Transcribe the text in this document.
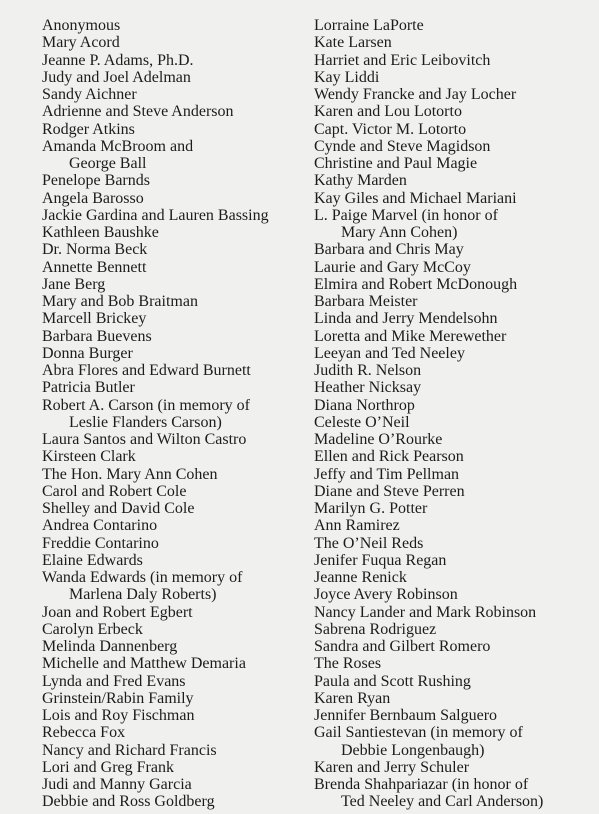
Anonymous
Mary Acord
Jeanne P. Adams, Ph.D.
Judy and Joel Adelman
Sandy Aichner
Adrienne and Steve Anderson
Rodger Atkins
Amanda McBroom and
George Ball
Penelope Barnds
Angela Barosso
Jackie Gardina and Lauren Bassing
Kathleen Baushke
Dr. Norma Beck
Annette Bennett
Jane Berg
Mary and Bob Braitman
Marcell Brickey
Barbara Buevens
Donna Burger
Abra Flores and Edward Burnett
Patricia Butler
Robert A. Carson (in memory of
Leslie Flanders Carson)
Laura Santos and Wilton Castro
Kirsteen Clark
The Hon. Mary Ann Cohen
Carol and Robert Cole
Shelley and David Cole
Andrea Contarino
Freddie Contarino
Elaine Edwards
Wanda Edwards (in memory of
Marlena Daly Roberts)
Joan and Robert Egbert
Carolyn Erbeck
Melinda Dannenberg
Michelle and Matthew Demaria
Lynda and Fred Evans
Grinstein/Rabin Family
Lois and Roy Fischman
Rebecca Fox
Nancy and Richard Francis
Lori and Greg Frank
Judi and Manny Garcia
Debbie and Ross Goldberg
Lorraine LaPorte
Kate Larsen
Harriet and Eric Leibovitch
Kay Liddi
Wendy Francke and Jay Locher
Karen and Lou Lotorto
Capt. Victor M. Lotorto
Cynde and Steve Magidson
Christine and Paul Magie
Kathy Marden
Kay Giles and Michael Mariani
L. Paige Marvel (in honor of
Mary Ann Cohen)
Barbara and Chris May
Laurie and Gary McCoy
Elmira and Robert McDonough
Barbara Meister
Linda and Jerry Mendelsohn
Loretta and Mike Merewether
Leeyan and Ted Neeley
Judith R. Nelson
Heather Nicksay
Diana Northrop
Celeste O’Neil
Madeline O’Rourke
Ellen and Rick Pearson
Jeffy and Tim Pellman
Diane and Steve Perren
Marilyn G. Potter
Ann Ramirez
The O’Neil Reds
Jenifer Fuqua Regan
Jeanne Renick
Joyce Avery Robinson
Nancy Lander and Mark Robinson
Sabrena Rodriguez
Sandra and Gilbert Romero
The Roses
Paula and Scott Rushing
Karen Ryan
Jennifer Bernbaum Salguero
Gail Santiestevan (in memory of
Debbie Longenbaugh)
Karen and Jerry Schuler
Brenda Shahpariazar (in honor of
Ted Neeley and Carl Anderson)
